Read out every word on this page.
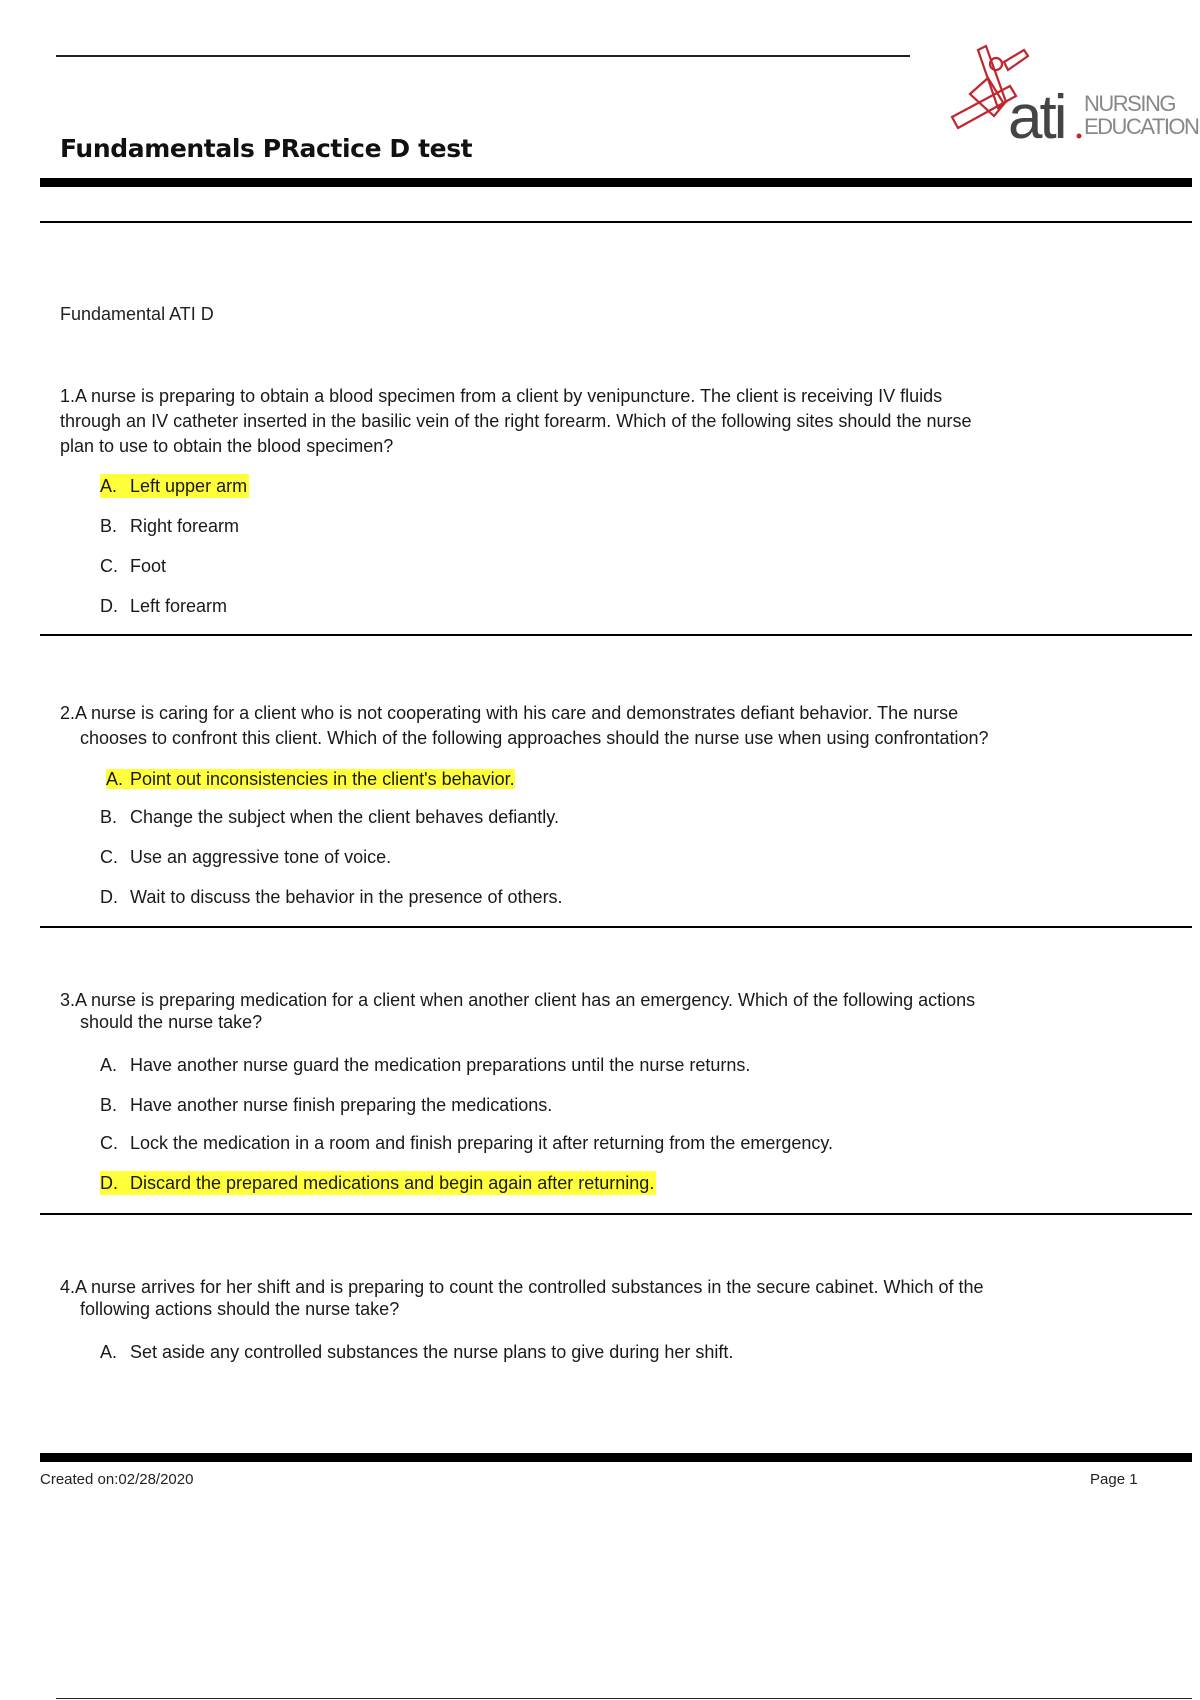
Fundamentals PRactice D test	ati NURSING
EDUCATION
Fundamental ATI D
1.A nurse is preparing to obtain a blood specimen from a client by venipuncture. The client is receiving IV fluids
through an IV catheter inserted in the basilic vein of the right forearm. Which of the following sites should the nurse
plan to use to obtain the blood specimen?
A. Left upper arm
B. Right forearm
C. Foot
D. Left forearm
2.A nurse is caring for a client who is not cooperating with his care and demonstrates defiant behavior. The nurse

chooses to confront this client. Which of the following approaches should the nurse use when using confrontation?
A. Point out inconsistencies in the client's behavior.
B. Change the subject when the client behaves defiantly.
C. Use an aggressive tone of voice.
D. Wait to discuss the behavior in the presence of others.
3.A nurse is preparing medication for a client when another client has an emergency. Which of the following actions

should the nurse take?
A. Have another nurse guard the medication preparations until the nurse returns.
B. Have another nurse finish preparing the medications.
C. Lock the medication in a room and finish preparing it after returning from the emergency.
D. Discard the prepared medications and begin again after returning.
4.A nurse arrives for her shift and is preparing to count the controlled substances in the secure cabinet. Which of the

following actions should the nurse take?
A. Set aside any controlled substances the nurse plans to give during her shift.
Created on:02/28/2020	Page 1
